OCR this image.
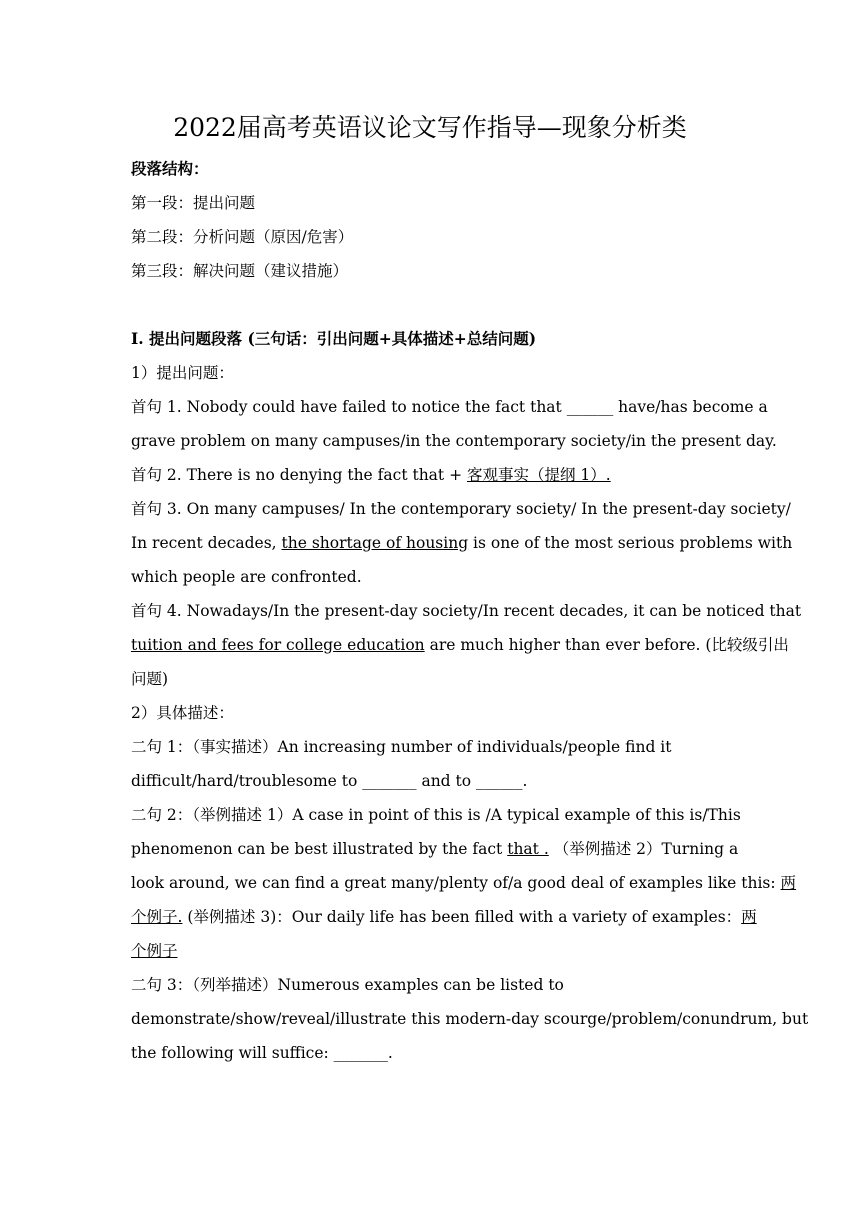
2022届高考英语议论文写作指导—现象分析类
段落结构：
第一段：提出问题
第二段：分析问题（原因/危害）
第三段：解决问题（建议措施）
I. 提出问题段落 (三句话：引出问题+具体描述+总结问题)
1）提出问题：
首句 1. Nobody could have failed to notice the fact that ______ have/has become a
grave problem on many campuses/in the contemporary society/in the present day.
首句 2. There is no denying the fact that + 客观事实（提纲 1）.
首句 3. On many campuses/ In the contemporary society/ In the present-day society/
In recent decades, the shortage of housing is one of the most serious problems with
which people are confronted.
首句 4. Nowadays/In the present-day society/In recent decades, it can be noticed that
tuition and fees for college education are much higher than ever before. (比较级引出
问题)
2）具体描述：
二句 1：（事实描述）An increasing number of individuals/people find it
difficult/hard/troublesome to _______ and to ______.
二句 2：（举例描述 1）A case in point of this is /A typical example of this is/This
phenomenon can be best illustrated by the fact that . （举例描述 2）Turning a
look around, we can find a great many/plenty of/a good deal of examples like this: 两
个例子. (举例描述 3)：Our daily life has been filled with a variety of examples：两
个例子
二句 3：（列举描述）Numerous examples can be listed to
demonstrate/show/reveal/illustrate this modern-day scourge/problem/conundrum, but
the following will suffice: _______.
